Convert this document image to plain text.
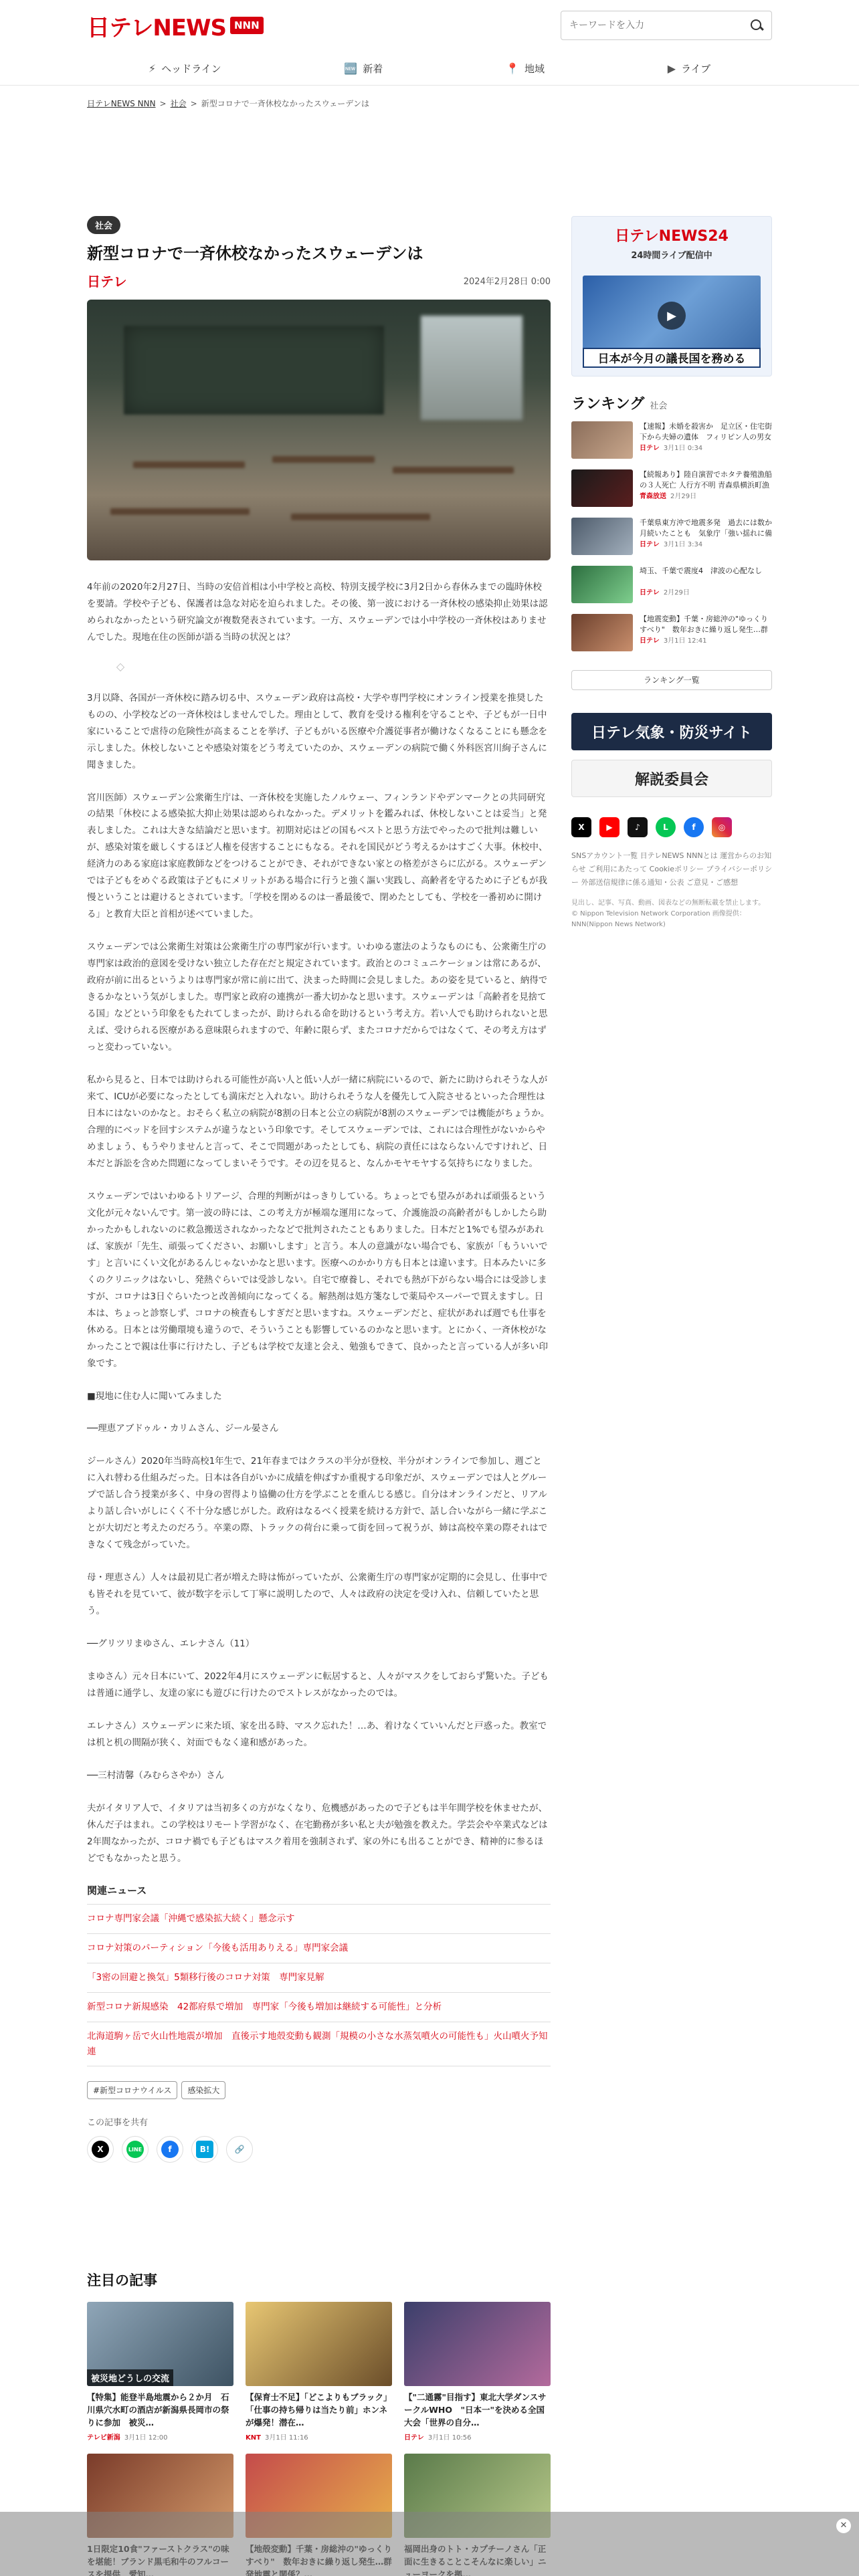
日テレNEWS NNN
キーワードを入力
⚡ ヘッドライン	🆕 新着	📍 地域	▶ ライブ
日テレNEWS NNN > 社会 > 新型コロナで一斉休校なかったスウェーデンは
社会
新型コロナで一斉休校なかったスウェーデンは
日テレ	2024年2月28日 0:00

4年前の2020年2月27日、当時の安倍首相は小中学校と高校、特別支援学校に3月2日から春休みまでの臨時休校を要請。学校や子ども、保護者は急な対応を迫られました。その後、第一波における一斉休校の感染抑止効果は認められなかったという研究論文が複数発表されています。一方、スウェーデンでは小中学校の一斉休校はありませんでした。現地在住の医師が語る当時の状況とは？

◇

3月以降、各国が一斉休校に踏み切る中、スウェーデン政府は高校・大学や専門学校にオンライン授業を推奨したものの、小学校などの一斉休校はしませんでした。理由として、教育を受ける権利を守ることや、子どもが一日中家にいることで虐待の危険性が高まることを挙げ、子どもがいる医療や介護従事者が働けなくなることにも懸念を示しました。休校しないことや感染対策をどう考えていたのか、スウェーデンの病院で働く外科医宮川絢子さんに聞きました。

宮川医師）スウェーデン公衆衛生庁は、一斉休校を実施したノルウェー、フィンランドやデンマークとの共同研究の結果「休校による感染拡大抑止効果は認められなかった。デメリットを鑑みれば、休校しないことは妥当」と発表しました。これは大きな結論だと思います。初期対応はどの国もベストと思う方法でやったので批判は難しいが、感染対策を厳しくするほど人権を侵害することにもなる。それを国民がどう考えるかはすごく大事。休校中、経済力のある家庭は家庭教師などをつけることができ、それができない家との格差がさらに広がる。スウェーデンでは子どもをめぐる政策は子どもにメリットがある場合に行うと強く謳い実践し、高齢者を守るために子どもが我慢ということは避けるとされています。「学校を閉めるのは一番最後で、閉めたとしても、学校を一番初めに開ける」と教育大臣と首相が述べていました。

スウェーデンでは公衆衛生対策は公衆衛生庁の専門家が行います。いわゆる憲法のようなものにも、公衆衛生庁の専門家は政治的意図を受けない独立した存在だと規定されています。政治とのコミュニケーションは常にあるが、政府が前に出るというよりは専門家が常に前に出て、決まった時間に会見しました。あの姿を見ていると、納得できるかなという気がしました。専門家と政府の連携が一番大切かなと思います。スウェーデンは「高齢者を見捨てる国」などという印象をもたれてしまったが、助けられる命を助けるという考え方。若い人でも助けられないと思えば、受けられる医療がある意味限られますので、年齢に限らず、またコロナだからではなくて、その考え方はずっと変わっていない。

私から見ると、日本では助けられる可能性が高い人と低い人が一緒に病院にいるので、新たに助けられそうな人が来て、ICUが必要になったとしても満床だと入れない。助けられそうな人を優先して入院させるといった合理性は日本にはないのかなと。おそらく私立の病院が8割の日本と公立の病院が8割のスウェーデンでは機能がちょうか。合理的にベッドを回すシステムが違うなという印象です。そしてスウェーデンでは、これには合理性がないからやめましょう、もうやりませんと言って、そこで問題があったとしても、病院の責任にはならないんですけれど、日本だと訴訟を含めた問題になってしまいそうです。その辺を見ると、なんかモヤモヤする気持ちになりました。

スウェーデンではいわゆるトリアージ、合理的判断がはっきりしている。ちょっとでも望みがあれば頑張るという文化が元々ないんです。第一波の時には、この考え方が極端な運用になって、介護施設の高齢者がもしかしたら助かったかもしれないのに救急搬送されなかったなどで批判されたこともありました。日本だと1%でも望みがあれば、家族が「先生、頑張ってください、お願いします」と言う。本人の意識がない場合でも、家族が「もういいです」と言いにくい文化があるんじゃないかなと思います。医療へのかかり方も日本とは違います。日本みたいに多くのクリニックはないし、発熱ぐらいでは受診しない。自宅で療養し、それでも熱が下がらない場合には受診しますが、コロナは3日ぐらいたつと改善傾向になってくる。解熱剤は処方箋なしで薬局やスーパーで買えますし。日本は、ちょっと診察しず、コロナの検査もしすぎだと思いますね。スウェーデンだと、症状があれば週でも仕事を休める。日本とは労働環境も違うので、そういうことも影響しているのかなと思います。とにかく、一斉休校がなかったことで親は仕事に行けたし、子どもは学校で友達と会え、勉強もできて、良かったと言っている人が多い印象です。

■現地に住む人に聞いてみました

──理恵アブドゥル・カリムさん、ジール晏さん

ジールさん）2020年当時高校1年生で、21年春まではクラスの半分が登校、半分がオンラインで参加し、週ごとに入れ替わる仕組みだった。日本は各自がいかに成績を伸ばすか重視する印象だが、スウェーデンでは人とグループで話し合う授業が多く、中身の習得より協働の仕方を学ぶことを重んじる感じ。自分はオンラインだと、リアルより話し合いがしにくく不十分な感じがした。政府はなるべく授業を続ける方針で、話し合いながら一緒に学ぶことが大切だと考えたのだろう。卒業の際、トラックの荷台に乗って街を回って祝うが、姉は高校卒業の際それはできなくて残念がっていた。

母・理恵さん）人々は最初見亡者が増えた時は怖がっていたが、公衆衛生庁の専門家が定期的に会見し、仕事中でも皆それを見ていて、彼が数字を示して丁寧に説明したので、人々は政府の決定を受け入れ、信頼していたと思う。

──グリツリまゆさん、エレナさん（11）

まゆさん）元々日本にいて、2022年4月にスウェーデンに転居すると、人々がマスクをしておらず驚いた。子どもは普通に通学し、友達の家にも遊びに行けたのでストレスがなかったのでは。

エレナさん）スウェーデンに来た頃、家を出る時、マスク忘れた！…あ、着けなくていいんだと戸惑った。教室では机と机の間隔が狭く、対面でもなく違和感があった。

──三村清馨（みむらさやか）さん

夫がイタリア人で、イタリアは当初多くの方がなくなり、危機感があったので子どもは半年間学校を休ませたが、休んだ子はまれ。この学校はリモート学習がなく、在宅勤務が多い私と夫が勉強を教えた。学芸会や卒業式などは2年間なかったが、コロナ禍でも子どもはマスク着用を強制されず、家の外にも出ることができ、精神的に参るほどでもなかったと思う。

関連ニュース
コロナ専門家会議「沖縄で感染拡大続く」懸念示す
コロナ対策のパーティション「今後も活用ありえる」専門家会議
「3密の回避と換気」5類移行後のコロナ対策　専門家見解
新型コロナ新規感染　42都府県で増加　専門家「今後も増加は継続する可能性」と分析
北海道駒ヶ岳で火山性地震が増加　直後示す地殻変動も観測「規模の小さな水蒸気噴火の可能性も」火山噴火予知連
#新型コロナウイルス	感染拡大
この記事を共有
X	LINE	f	B!	🔗
日テレNEWS24
24時間ライブ配信中
▶
日本が今月の議長国を務める
ランキング 社会
【速報】未婚を殺害か　足立区・住宅街下から夫婦の遺体　フィリピン人の男女
日テレ 3月1日 0:34
【続報あり】陸自演習でホタテ養殖漁船の３人死亡 人行方不明 青森県横浜町漁　
青森放送 2月29日
千葉県東方沖で地震多発　過去には数か月続いたことも　気象庁「強い揺れに備
日テレ 3月1日 3:34
埼玉、千葉で震度4　津波の心配なし
日テレ 2月29日
【地震変動】千葉・房総沖の"ゆっくりすべり"　数年おきに繰り返し発生…群　
日テレ 3月1日 12:41
ランキング一覧
日テレ気象・防災サイト
解説委員会
X	▶	♪	L	f	◎
SNSアカウント一覧 日テレNEWS NNNとは 運営からのお知らせ ご利用にあたって Cookieポリシー プライバシーポリシー 外部送信規律に係る通知・公表 ご意見・ご感想
見出し、記事、写真、動画、図表などの無断転載を禁止します。 © Nippon Television Network Corporation 画像提供：NNN(Nippon News Network)
注目の記事
被災地どうしの交流
【特集】能登半島地震から２か月　石川県穴水町の酒店が新潟県長岡市の祭りに参加　被災…
テレビ新潟 3月1日 12:00
【保育士不足】「どこよりもブラック」「仕事の持ち帰りは当たり前」ホンネが爆発！潜在…
KNT 3月1日 11:16
【"二通霧"目指す】東北大学ダンスサークルWHO　"日本一"を決める全国大会「世界の自分…
日テレ 3月1日 10:56
✕
